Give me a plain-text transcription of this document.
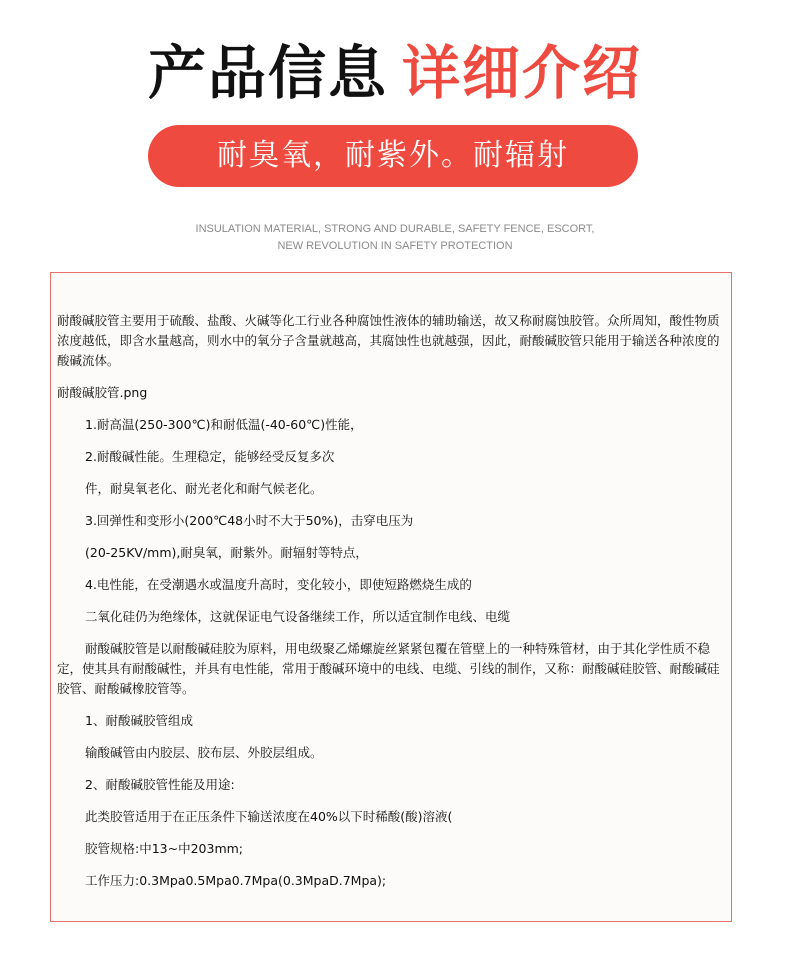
产品信息 详细介绍
耐臭氧，耐紫外。耐辐射
INSULATION MATERIAL, STRONG AND DURABLE, SAFETY FENCE, ESCORT,
NEW REVOLUTION IN SAFETY PROTECTION

耐酸碱胶管主要用于硫酸、盐酸、火碱等化工行业各种腐蚀性液体的辅助输送，故又称耐腐蚀胶管。众所周知，酸性物质浓度越低，即含水量越高，则水中的氧分子含量就越高，其腐蚀性也就越强，因此，耐酸碱胶管只能用于输送各种浓度的酸碱流体。

耐酸碱胶管.png

1.耐高温(250-300℃)和耐低温(-40-60℃)性能，

2.耐酸碱性能。生理稳定，能够经受反复多次

件，耐臭氧老化、耐光老化和耐气候老化。

3.回弹性和变形小(200℃48小时不大于50%)，击穿电压为

(20-25KV/mm),耐臭氧，耐紫外。耐辐射等特点，

4.电性能，在受潮遇水或温度升高时，变化较小，即使短路燃烧生成的

二氧化硅仍为绝缘体，这就保证电气设备继续工作，所以适宜制作电线、电缆

耐酸碱胶管是以耐酸碱硅胶为原料，用电级聚乙烯螺旋丝紧紧包覆在管壁上的一种特殊管材，由于其化学性质不稳定，使其具有耐酸碱性，并具有电性能，常用于酸碱环境中的电线、电缆、引线的制作，又称：耐酸碱硅胶管、耐酸碱硅胶管、耐酸碱橡胶管等。

1、耐酸碱胶管组成

输酸碱管由内胶层、胶布层、外胶层组成。

2、耐酸碱胶管性能及用途:

此类胶管适用于在正压条件下输送浓度在40%以下时稀酸(酸)溶液(

胶管规格:中13~中203mm;

工作压力:0.3Mpa0.5Mpa0.7Mpa(0.3MpaD.7Mpa);
